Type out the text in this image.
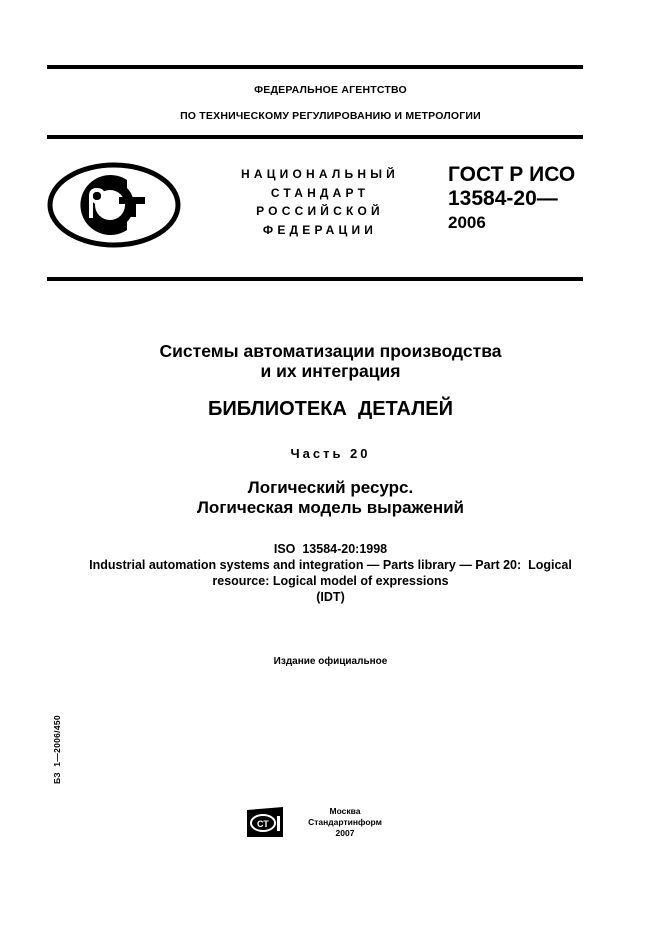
ФЕДЕРАЛЬНОЕ АГЕНТСТВО
ПО ТЕХНИЧЕСКОМУ РЕГУЛИРОВАНИЮ И МЕТРОЛОГИИ
НАЦИОНАЛЬНЫЙ
СТАНДАРТ
РОССИЙСКОЙ
ФЕДЕРАЦИИ
ГОСТ Р ИСО
13584-20—
2006
Системы автоматизации производства
и их интеграция
БИБЛИОТЕКА  ДЕТАЛЕЙ
Часть 20
Логический ресурс.
Логическая модель выражений
ISO  13584-20:1998
Industrial automation systems and integration — Parts library — Part 20:  Logical
resource: Logical model of expressions
(IDT)
Издание официальное
БЗ  1—2006/450
СТ
Москва
Стандартинформ
2007
